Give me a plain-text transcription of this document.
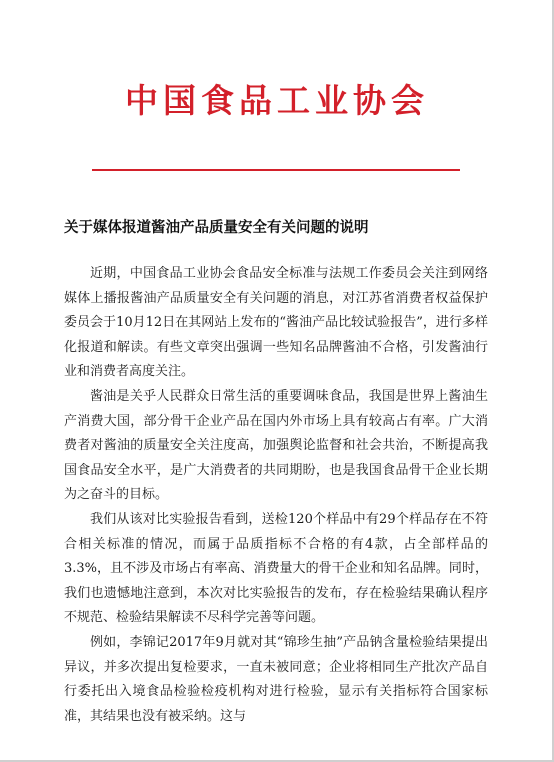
中国食品工业协会
关于媒体报道酱油产品质量安全有关问题的说明

近期，中国食品工业协会食品安全标准与法规工作委员会关注到网络媒体上播报酱油产品质量安全有关问题的消息，对江苏省消费者权益保护委员会于10月12日在其网站上发布的“酱油产品比较试验报告”，进行多样化报道和解读。有些文章突出强调一些知名品牌酱油不合格，引发酱油行业和消费者高度关注。

酱油是关乎人民群众日常生活的重要调味食品，我国是世界上酱油生产消费大国，部分骨干企业产品在国内外市场上具有较高占有率。广大消费者对酱油的质量安全关注度高，加强舆论监督和社会共治，不断提高我国食品安全水平，是广大消费者的共同期盼，也是我国食品骨干企业长期为之奋斗的目标。

我们从该对比实验报告看到，送检120个样品中有29个样品存在不符合相关标准的情况，而属于品质指标不合格的有4款，占全部样品的3.3%，且不涉及市场占有率高、消费量大的骨干企业和知名品牌。同时，我们也遗憾地注意到，本次对比实验报告的发布，存在检验结果确认程序不规范、检验结果解读不尽科学完善等问题。

例如，李锦记2017年9月就对其“锦珍生抽”产品钠含量检验结果提出异议，并多次提出复检要求，一直未被同意；企业将相同生产批次产品自行委托出入境食品检验检疫机构对进行检验，显示有关指标符合国家标准，其结果也没有被采纳。这与
